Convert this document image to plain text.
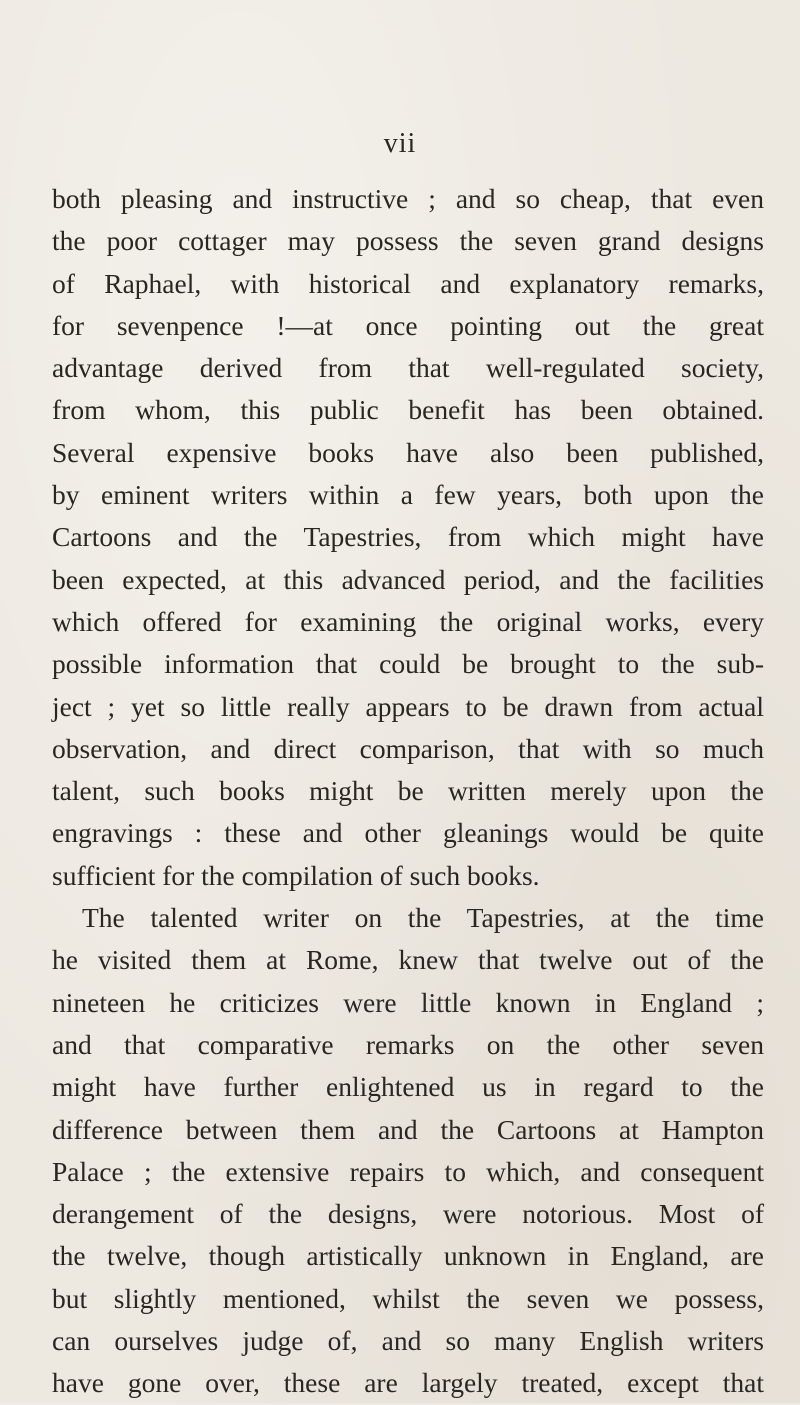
vii
both pleasing and instructive ; and so cheap, that even
the poor cottager may possess the seven grand designs
of Raphael, with historical and explanatory remarks,
for sevenpence !—at once pointing out the great
advantage derived from that well-regulated society,
from whom, this public benefit has been obtained.
Several expensive books have also been published,
by eminent writers within a few years, both upon the
Cartoons and the Tapestries, from which might have
been expected, at this advanced period, and the facilities
which offered for examining the original works, every
possible information that could be brought to the sub-
ject ; yet so little really appears to be drawn from actual
observation, and direct comparison, that with so much
talent, such books might be written merely upon the
engravings : these and other gleanings would be quite
sufficient for the compilation of such books.
The talented writer on the Tapestries, at the time
he visited them at Rome, knew that twelve out of the
nineteen he criticizes were little known in England ;
and that comparative remarks on the other seven
might have further enlightened us in regard to the
difference between them and the Cartoons at Hampton
Palace ; the extensive repairs to which, and consequent
derangement of the designs, were notorious. Most of
the twelve, though artistically unknown in England, are
but slightly mentioned, whilst the seven we possess,
can ourselves judge of, and so many English writers
have gone over, these are largely treated, except that
